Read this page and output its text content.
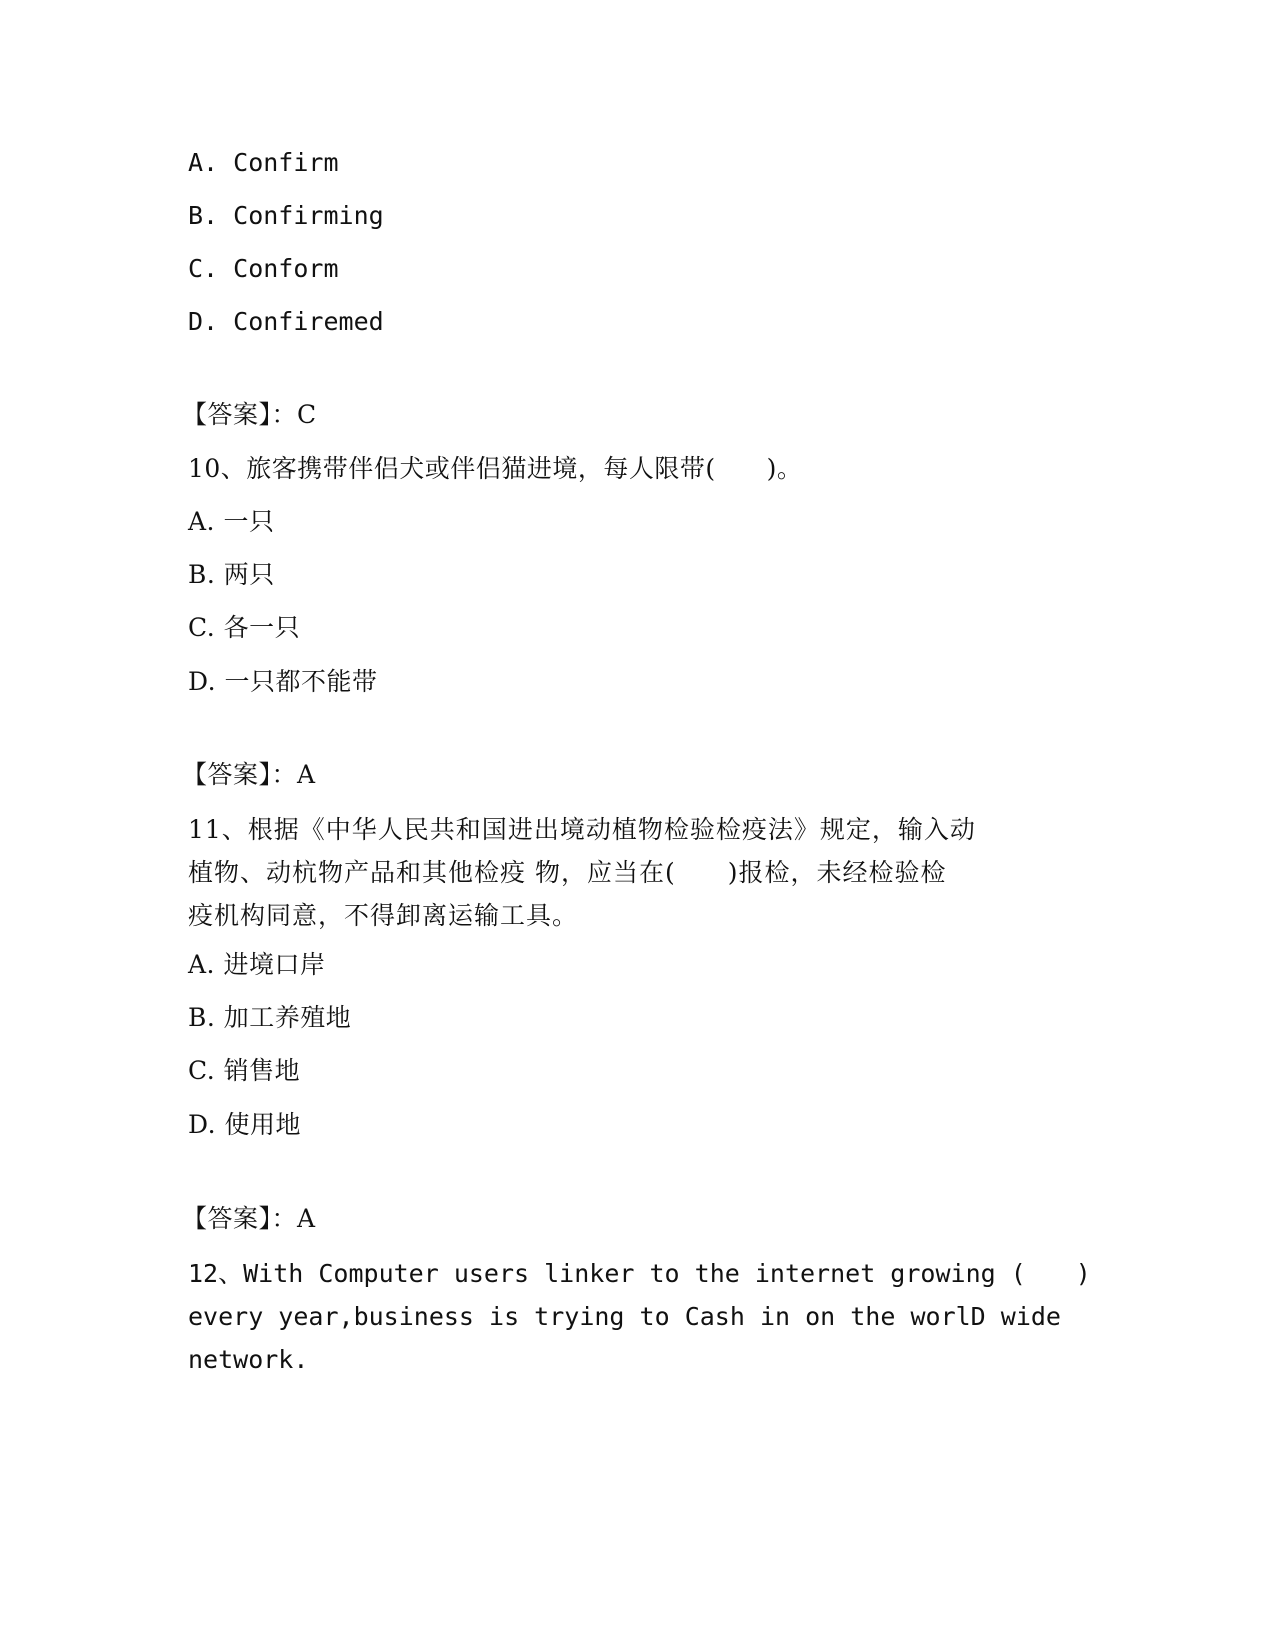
A. Confirm
B. Confirming
C. Conform
D. Confiremed
【答案】：C
10、旅客携带伴侣犬或伴侣猫进境，每人限带(　　)。
A. 一只
B. 两只
C. 各一只
D. 一只都不能带
【答案】：A
11、根据《中华人民共和国进出境动植物检验检疫法》规定，输入动
植物、动杭物产品和其他检疫 物，应当在(　　)报检，未经检验检
疫机构同意，不得卸离运输工具。
A. 进境口岸
B. 加工养殖地
C. 销售地
D. 使用地
【答案】：A
12、With Computer users linker to the internet growing (　　)
every year,business is trying to Cash in on the worlD wide
network.
